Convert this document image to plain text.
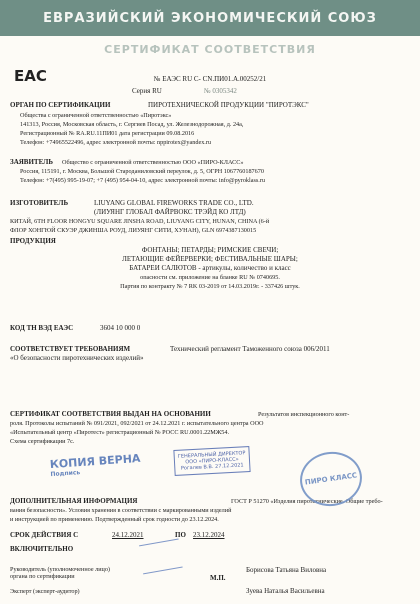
ЕВРАЗИЙСКИЙ ЭКОНОМИЧЕСКИЙ СОЮЗ
СЕРТИФИКАТ СООТВЕТСТВИЯ
EAC	№ ЕАЭС RU С- CN.ПИ01.А.00252/21
Серия RU	№ 0305342
ОРГАН ПО СЕРТИФИКАЦИИ	ПИРОТЕХНИЧЕСКОЙ ПРОДУКЦИИ "ПИРОТЭКС"
Общества с ограниченной ответственностью «Пиротэкс»
141313, Россия, Московская область, г. Сергиев Посад, ул. Железнодорожная, д. 24а,
Регистрационный № RA.RU.11ПИ01 дата регистрации 09.08.2016
Телефон: +74965522496, адрес электронной почты: nppirotex@yandex.ru
ЗАЯВИТЕЛЬ Общество с ограниченной ответственностью ООО «ПИРО-КЛАСС»
Россия, 115191, г. Москва, Большой Староданиловский переулок, д. 5, ОГРН 1067760187670
Телефон: +7(495) 995-19-07; +7 (495) 954-04-10, адрес электронной почты: info@pyroklass.ru
ИЗГОТОВИТЕЛЬ	LIUYANG GLOBAL FIREWORKS TRADE CO., LTD.
(ЛИУЯНГ ГЛОБАЛ ФАЙРВОКС ТРЭЙД КО ЛТД)
КИТАЙ, 6TH FLOOR HONGYU SQUARE JINSHA ROAD, LIUYANG CITY, HUNAN, CHINA (6-й
ФЛОР ХОНГЮЙ СКУЭР ДЖИНША РОУД, ЛИУЯНГ СИТИ, ХУНАН), GLN 6974387130015
ПРОДУКЦИЯ
ФОНТАНЫ; ПЕТАРДЫ; РИМСКИЕ СВЕЧИ;
ЛЕТАЮЩИЕ ФЕЙЕРВЕРКИ; ФЕСТИВАЛЬНЫЕ ШАРЫ;
БАТАРЕИ САЛЮТОВ - артикулы, количество и класс
опасности см. приложение на бланке RU № 0740695.
Партия по контракту № 7 RK 03-2019 от 14.03.2019г. - 337426 штук.
КОД ТН ВЭД ЕАЭС	3604 10 000 0
СООТВЕТСТВУЕТ ТРЕБОВАНИЯМ	Технический регламент Таможенного союза 006/2011
«О безопасности пиротехнических изделий»
СЕРТИФИКАТ СООТВЕТСТВИЯ ВЫДАН НА ОСНОВАНИИ	Результатов инспекционного конт-
роля. Протоколы испытаний № 091/2021, 092/2021 от 24.12.2021 г. испытательного центра ООО
«Испытательный центр «Пиротест» регистрационный № РОСС RU.0001.22МЖ54.
Схема сертификации 7с.
ДОПОЛНИТЕЛЬНАЯ ИНФОРМАЦИЯ	ГОСТ Р 51270 «Изделия пиротехнические. Общие требо-
вания безопасности». Условия хранения в соответствии с маркированными изделий
и инструкцией по применению. Подтвержденный срок годности до 23.12.2024.
СРОК ДЕЙСТВИЯ С	24.12.2021	ПО 23.12.2024
ВКЛЮЧИТЕЛЬНО
Руководитель (уполномоченное лицо) органа по сертификации
Борисова Татьяна Виловна
М.П.
Эксперт (эксперт-аудитор)	Зуева Наталья Васильевна
КОПИЯ ВЕРНА
Подпись
ГЕНЕРАЛЬНЫЙ ДИРЕКТОР ООО «ПИРО-КЛАСС» Рогалев В.В. 27.12.2021
ПИРО КЛАСС
